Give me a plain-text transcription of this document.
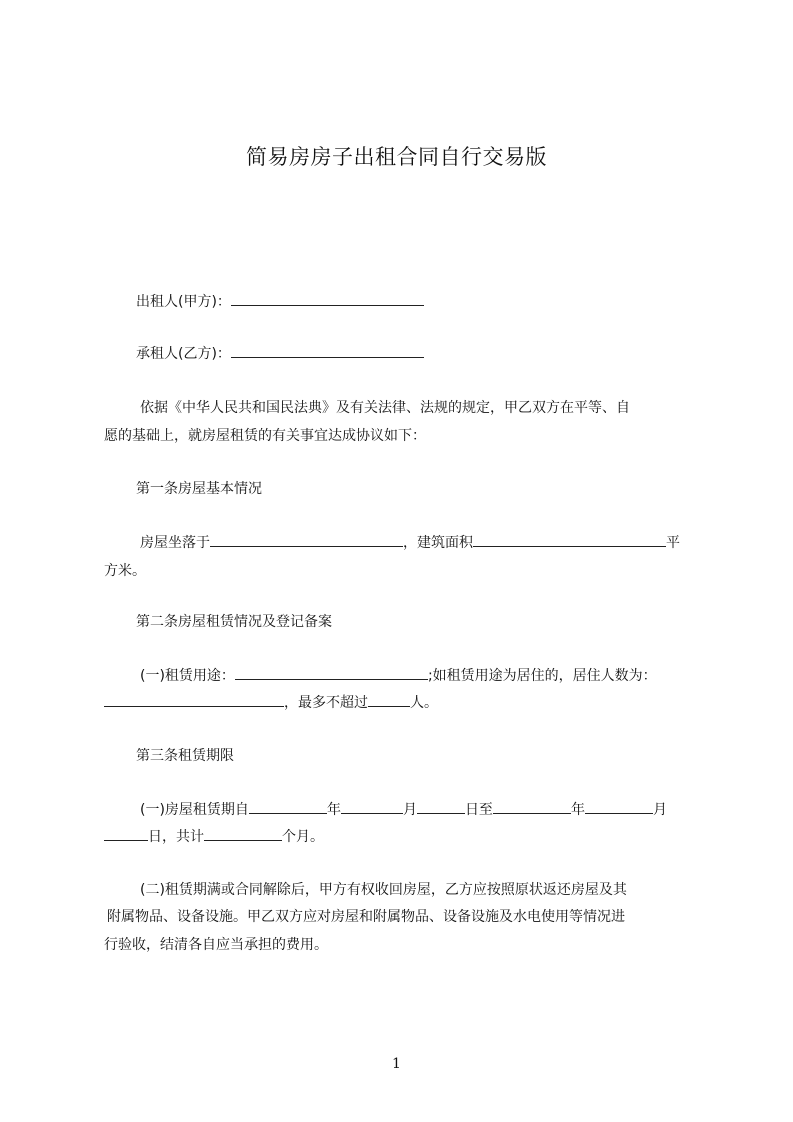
简易房房子出租合同自行交易版
出租人(甲方)：
承租人(乙方)：
依据《中华人民共和国民法典》及有关法律、法规的规定，甲乙双方在平等、自
愿的基础上，就房屋租赁的有关事宜达成协议如下：
第一条房屋基本情况
房屋坐落于	，建筑面积	平
方米。
第二条房屋租赁情况及登记备案
(一)租赁用途：	;如租赁用途为居住的，居住人数为：
，最多不超过	人。
第三条租赁期限
(一)房屋租赁期自	年	月	日至	年	月
日，共计	个月。
(二)租赁期满或合同解除后，甲方有权收回房屋，乙方应按照原状返还房屋及其
附属物品、设备设施。甲乙双方应对房屋和附属物品、设备设施及水电使用等情况进
行验收，结清各自应当承担的费用。
1
